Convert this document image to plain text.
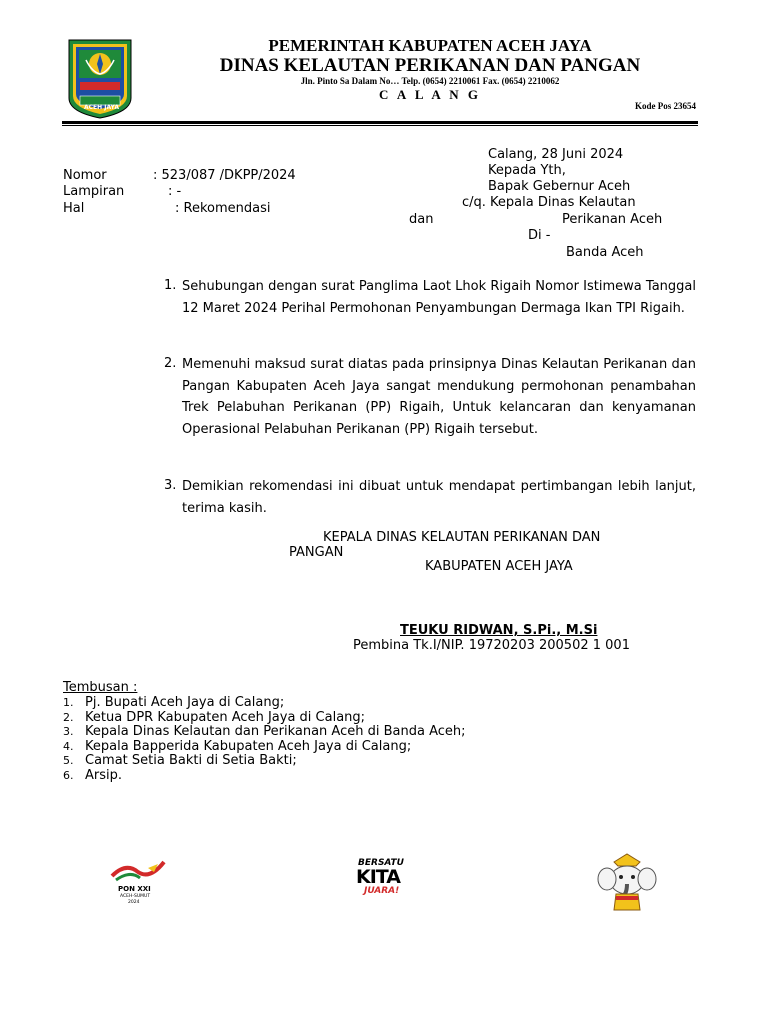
ACEH JAYA
PEMERINTAH KABUPATEN ACEH JAYA
DINAS KELAUTAN PERIKANAN DAN PANGAN
Jln. Pinto Sa Dalam No… Telp. (0654) 2210061 Fax. (0654) 2210062
C A L A N G
Kode Pos 23654
Calang, 28 Juni 2024
Kepada Yth,
Bapak Gebernur Aceh
c/q. Kepala Dinas Kelautan
dan	Perikanan Aceh
Di -
Banda Aceh
Nomor	: 523/087 /DKPP/2024
Lampiran	: -
Hal	: Rekomendasi
1. Sehubungan dengan surat Panglima Laot Lhok Rigaih Nomor Istimewa Tanggal 12 Maret 2024 Perihal Permohonan Penyambungan Dermaga Ikan TPI Rigaih.
2. Memenuhi maksud surat diatas pada prinsipnya Dinas Kelautan Perikanan dan Pangan Kabupaten Aceh Jaya sangat mendukung permohonan penambahan Trek Pelabuhan Perikanan (PP) Rigaih, Untuk kelancaran dan kenyamanan Operasional Pelabuhan Perikanan (PP) Rigaih tersebut.
3. Demikian rekomendasi ini dibuat untuk mendapat pertimbangan lebih lanjut, terima kasih.
KEPALA DINAS KELAUTAN PERIKANAN DAN
PANGAN
KABUPATEN ACEH JAYA
TEUKU RIDWAN, S.Pi., M.Si
Pembina Tk.I/NIP. 19720203 200502 1 001
Tembusan :
1. Pj. Bupati Aceh Jaya di Calang;
2. Ketua DPR Kabupaten Aceh Jaya di Calang;
3. Kepala Dinas Kelautan dan Perikanan Aceh di Banda Aceh;
4. Kepala Bapperida Kabupaten Aceh Jaya di Calang;
5. Camat Setia Bakti di Setia Bakti;
6. Arsip.
PON XXI
ACEH-SUMUT
2024
BERSATU
KITA
JUARA!
